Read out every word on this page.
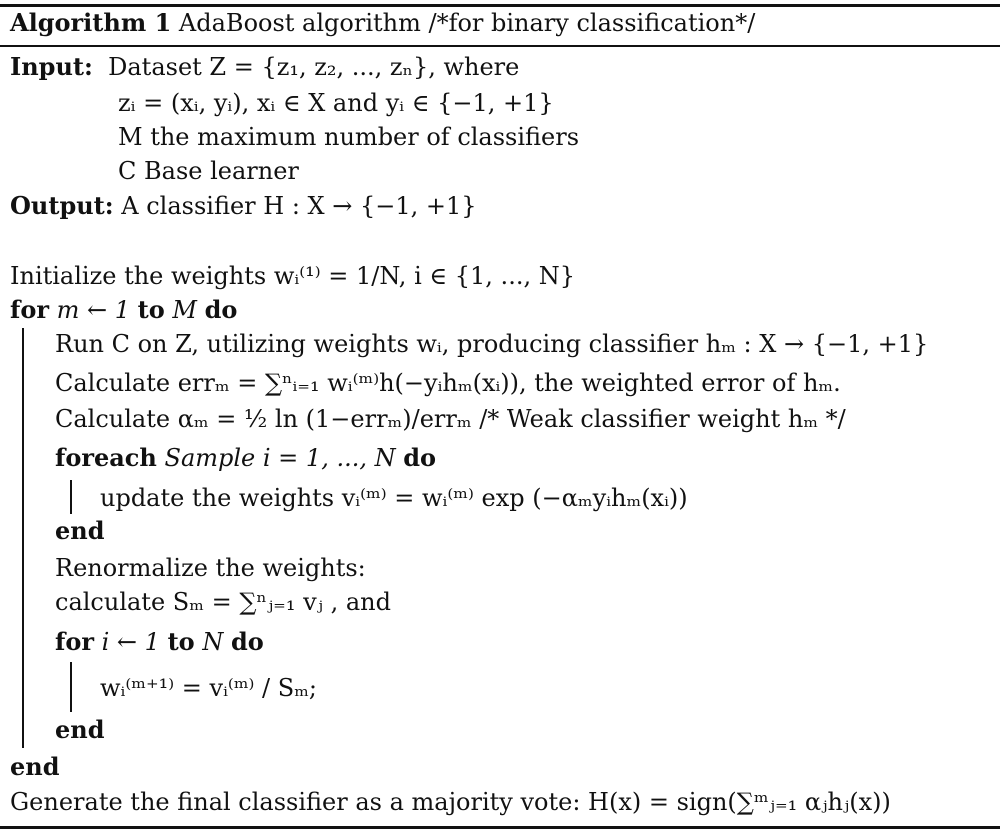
Algorithm 1 AdaBoost algorithm /*for binary classification*/
Input: Dataset Z = {z₁, z₂, ..., zₙ}, where
zᵢ = (xᵢ, yᵢ), xᵢ ∈ X and yᵢ ∈ {−1, +1}
M the maximum number of classifiers
C Base learner
Output: A classifier H : X → {−1, +1}
Initialize the weights wᵢ⁽¹⁾ = 1/N, i ∈ {1, ..., N}
for m ← 1 to M do
Run C on Z, utilizing weights wᵢ, producing classifier hₘ : X → {−1, +1}
Calculate errₘ = ∑ⁿᵢ₌₁ wᵢ⁽ᵐ⁾h(−yᵢhₘ(xᵢ)), the weighted error of hₘ.
Calculate αₘ = ½ ln (1−errₘ)/errₘ /* Weak classifier weight hₘ */
foreach Sample i = 1, ..., N do
update the weights vᵢ⁽ᵐ⁾ = wᵢ⁽ᵐ⁾ exp (−αₘyᵢhₘ(xᵢ))
end
Renormalize the weights:
calculate Sₘ = ∑ⁿⱼ₌₁ vⱼ , and
for i ← 1 to N do
wᵢ⁽ᵐ⁺¹⁾ = vᵢ⁽ᵐ⁾ / Sₘ;
end
end
Generate the final classifier as a majority vote: H(x) = sign(∑ᵐⱼ₌₁ αⱼhⱼ(x))
